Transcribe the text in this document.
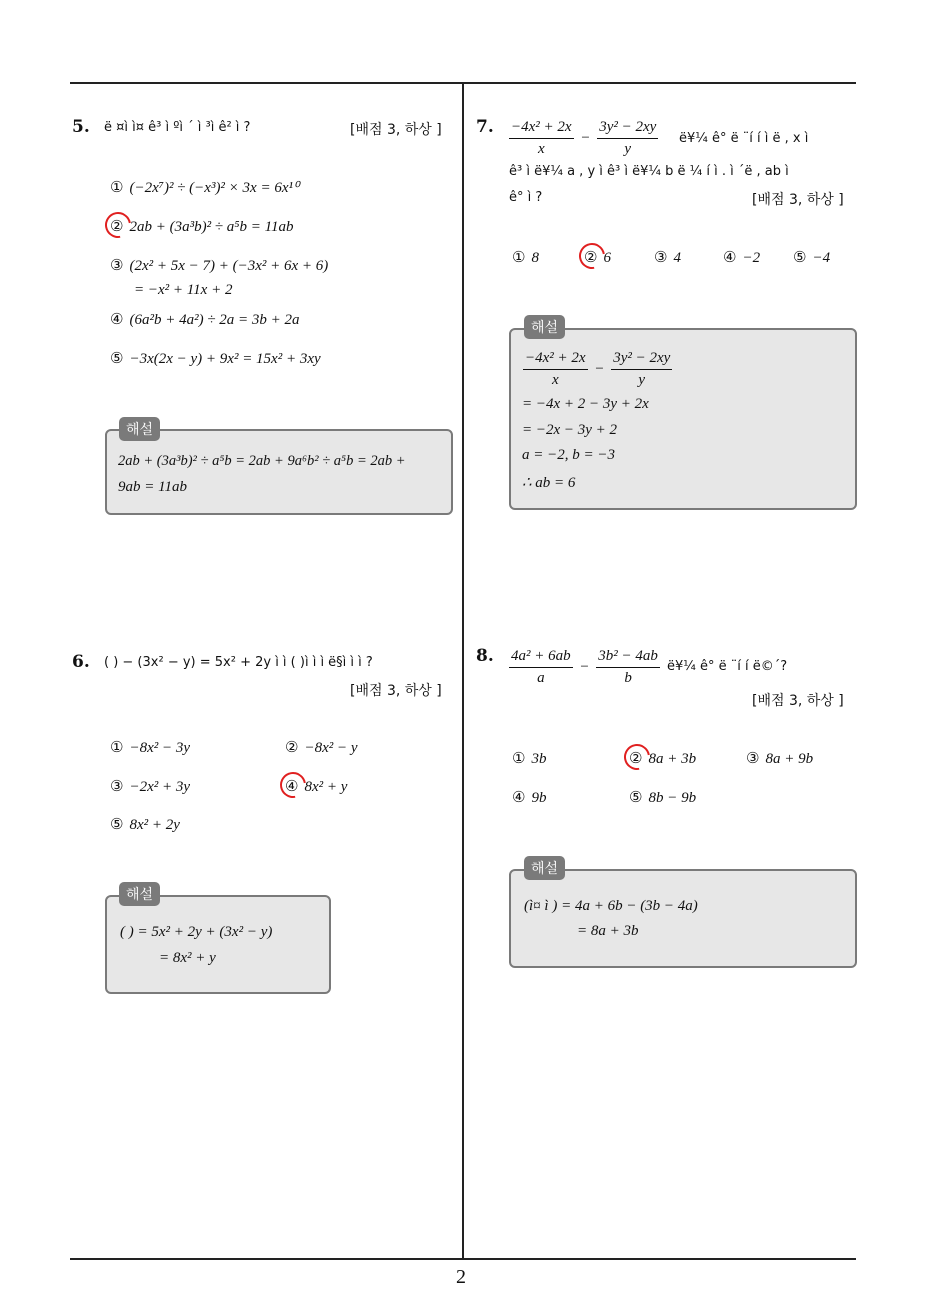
2
5. ë ¤ì ì¤ ê³ ì ºì ´ ì ³ì ê² ì ?	[배점 3, 하상 ]
① (−2x⁷)² ÷ (−x³)² × 3x = 6x¹⁰
② 2ab + (3a³b)² ÷ a⁵b = 11ab
③ (2x² + 5x − 7) + (−3x² + 6x + 6)
= −x² + 11x + 2
④ (6a²b + 4a²) ÷ 2a = 3b + 2a
⑤ −3x(2x − y) + 9x² = 15x² + 3xy
해설
2ab + (3a³b)² ÷ a⁵b = 2ab + 9a⁶b² ÷ a⁵b = 2ab +
9ab = 11ab
6. ( ) − (3x² − y) = 5x² + 2y ì ì ( )ì ì ì ë§ì ì ì ?
[배점 3, 하상 ]
① −8x² − 3y	② −8x² − y
③ −2x² + 3y	④ 8x² + y
⑤ 8x² + 2y
해설
( ) = 5x² + 2y + (3x² − y)
= 8x² + y
7. $\frac{\text{−4x² + 2x}}{x} - \frac{\text{3y² − 2xy}}{y}$ ë¥¼ ê° ë ¨í í ì ë , x ì
ê³ ì ë¥¼ a , y ì ê³ ì ë¥¼ b ë ¼ í ì . ì ´ë , ab ì
ê° ì ?	[배점 3, 하상 ]
① 8	② 6	③ 4	④ −2 ⑤ −4
해설
$\frac{\text{−4x² + 2x}}{x} - \frac{\text{3y² − 2xy}}{y}$
= −4x + 2 − 3y + 2x
= −2x − 3y + 2
a = −2, b = −3
∴ ab = 6
8. $\frac{\text{4a² + 6ab}}{a} - \frac{\text{3b² − 4ab}}{b}$ ë¥¼ ê° ë ¨í í ë©´?
[배점 3, 하상 ]
① 3b	② 8a + 3b	③ 8a + 9b
④ 9b	⑤ 8b − 9b
해설
(ì¤ ì ) = 4a + 6b − (3b − 4a)
= 8a + 3b
